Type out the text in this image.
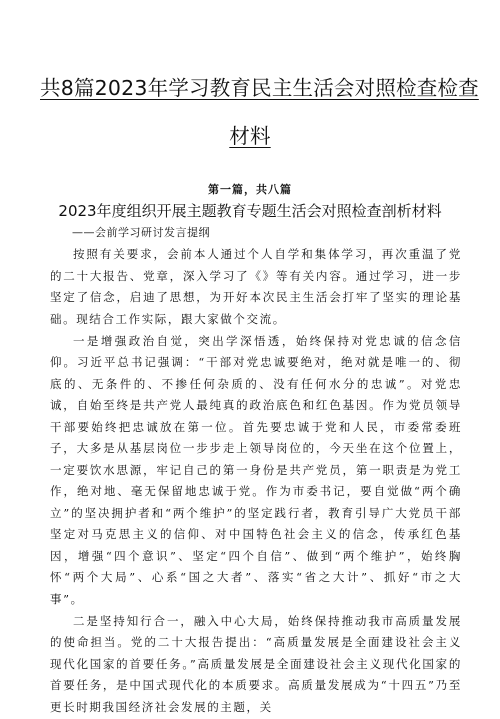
共8篇2023年学习教育民主生活会对照检查检查
材料
第一篇，共八篇
2023年度组织开展主题教育专题生活会对照检查剖析材料
——会前学习研讨发言提纲

按照有关要求，会前本人通过个人自学和集体学习，再次重温了党的二十大报告、党章，深入学习了《》等有关内容。通过学习，进一步坚定了信念，启迪了思想，为开好本次民主生活会打牢了坚实的理论基础。现结合工作实际，跟大家做个交流。

一是增强政治自觉，突出学深悟透，始终保持对党忠诚的信念信仰。习近平总书记强调：“干部对党忠诚要绝对，绝对就是唯一的、彻底的、无条件的、不掺任何杂质的、没有任何水分的忠诚”。对党忠诚，自始至终是共产党人最纯真的政治底色和红色基因。作为党员领导干部要始终把忠诚放在第一位。首先要忠诚于党和人民，市委常委班子，大多是从基层岗位一步步走上领导岗位的，今天坐在这个位置上，一定要饮水思源，牢记自己的第一身份是共产党员，第一职责是为党工作，绝对地、毫无保留地忠诚于党。作为市委书记，要自觉做“两个确立”的坚决拥护者和“两个维护”的坚定践行者，教育引导广大党员干部坚定对马克思主义的信仰、对中国特色社会主义的信念，传承红色基因，增强“四个意识”、坚定“四个自信”、做到“两个维护”，始终胸怀“两个大局”、心系“国之大者”、落实“省之大计”、抓好“市之大事”。

二是坚持知行合一，融入中心大局，始终保持推动我市高质量发展的使命担当。党的二十大报告提出：“高质量发展是全面建设社会主义现代化国家的首要任务。”高质量发展是全面建设社会主义现代化国家的首要任务，是中国式现代化的本质要求。高质量发展成为“十四五”乃至更长时期我国经济社会发展的主题，关
